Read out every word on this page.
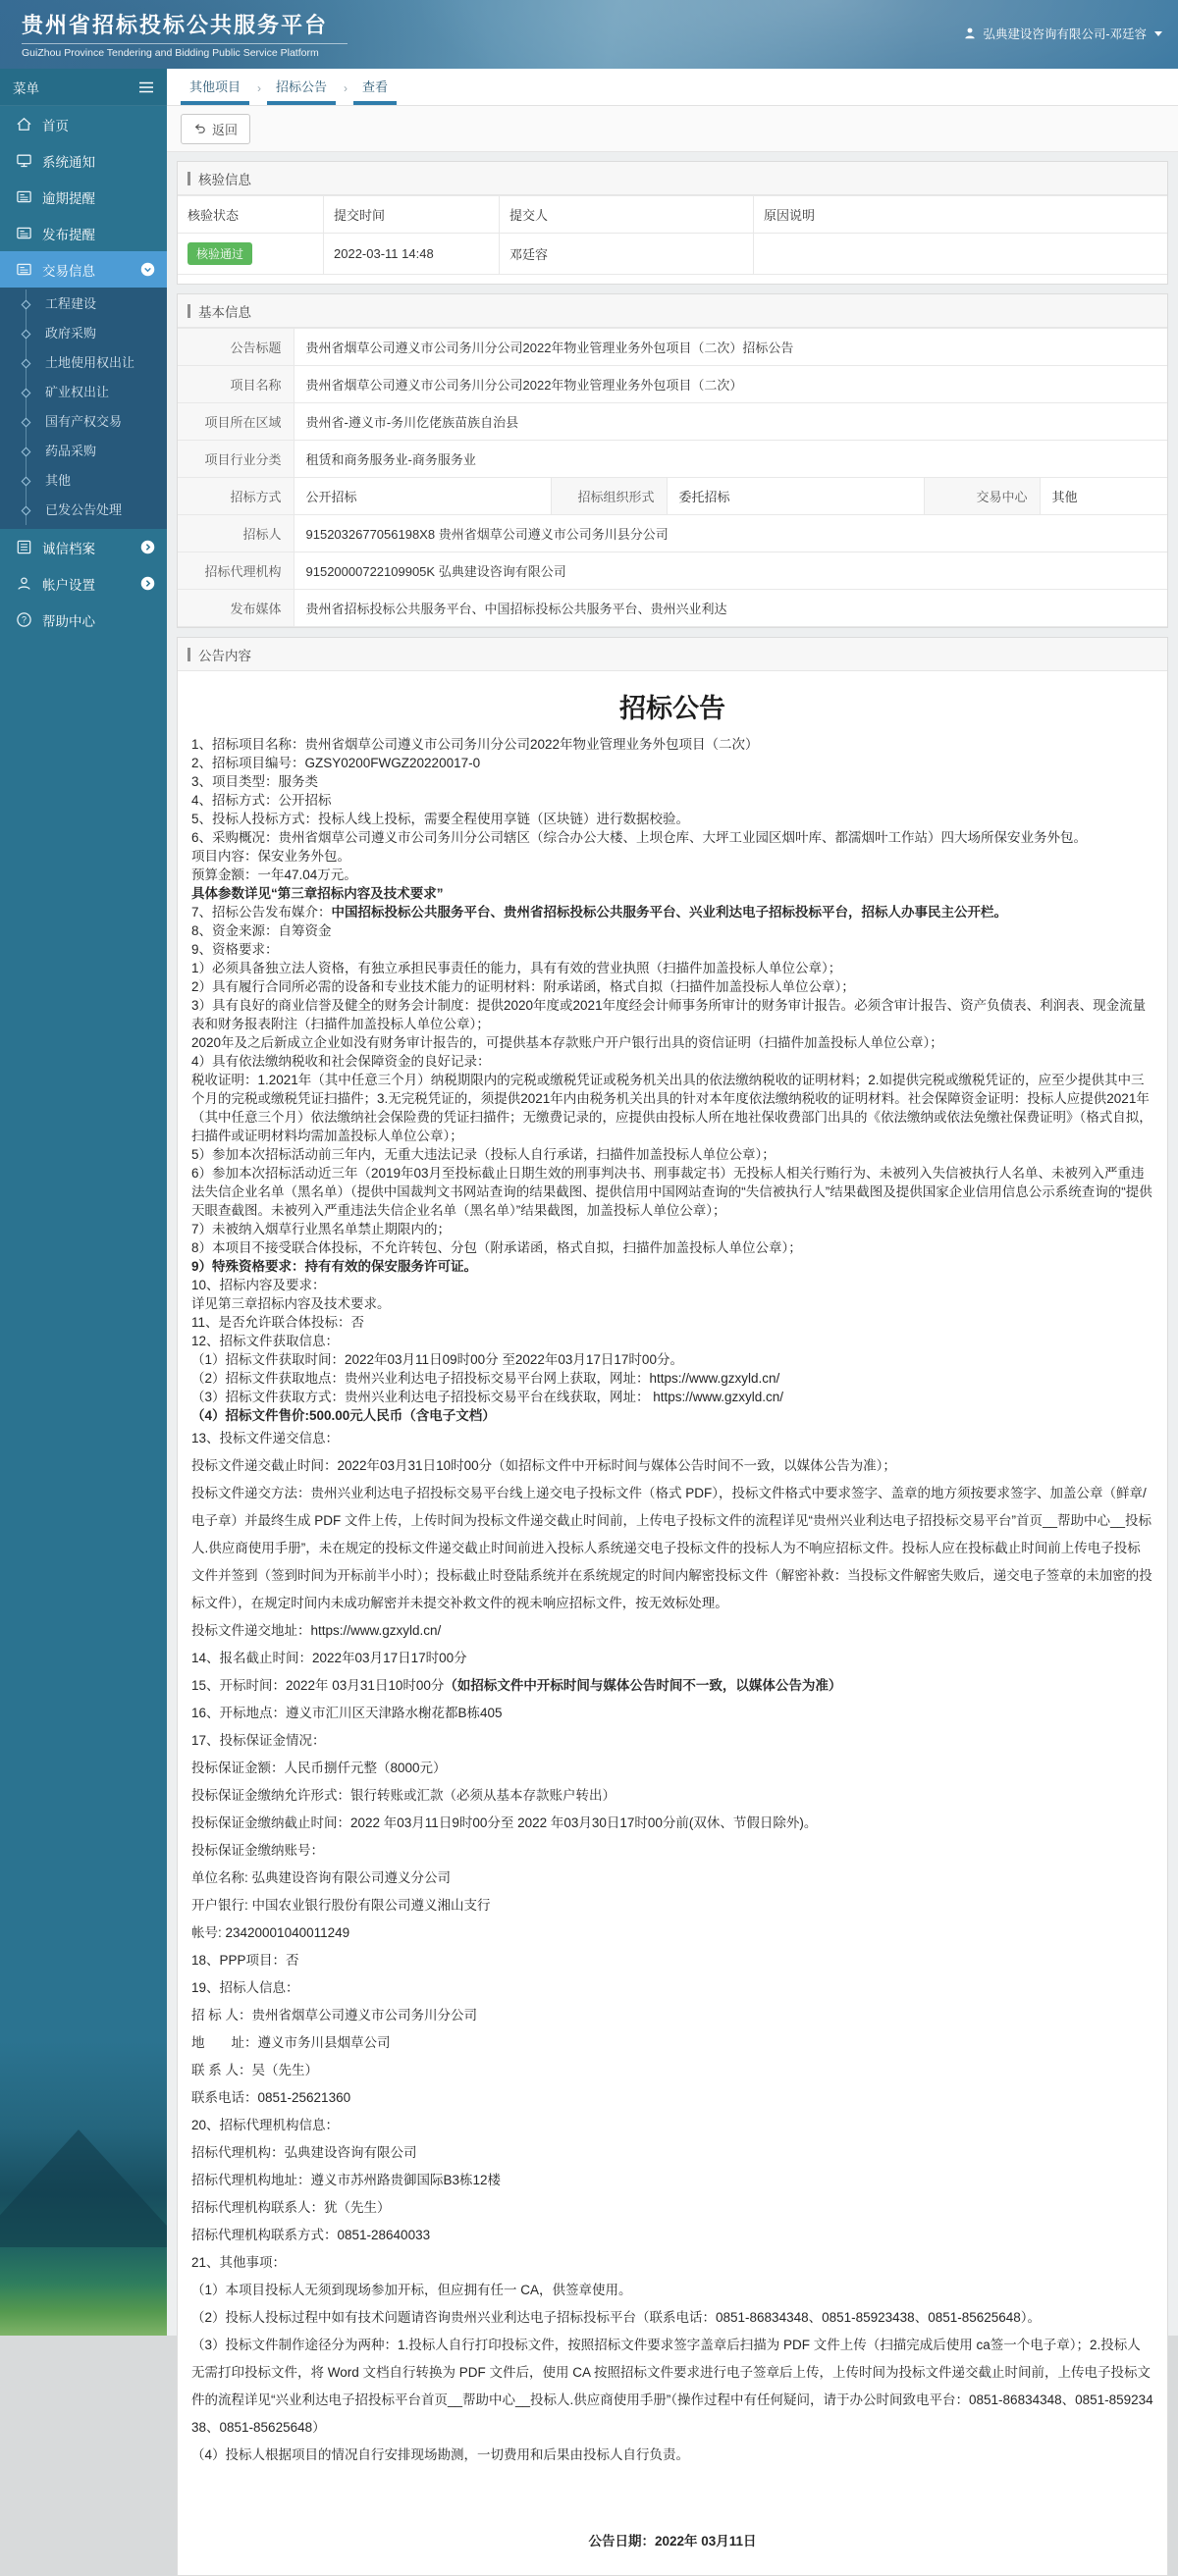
贵州省招标投标公共服务平台
GuiZhou Province Tendering and Bidding Public Service Platform
弘典建设咨询有限公司-邓廷容
菜单
首页
系统通知
逾期提醒
发布提醒
交易信息
工程建设
政府采购
土地使用权出让
矿业权出让
国有产权交易
药品采购
其他
已发公告处理
诚信档案
帐户设置
? 帮助中心
其他项目	›	招标公告	›	查看
返回
核验信息
核验状态	提交时间	提交人	原因说明
核验通过	2022-03-11 14:48	邓廷容	
基本信息
公告标题	贵州省烟草公司遵义市公司务川分公司2022年物业管理业务外包项目（二次）招标公告				
项目名称	贵州省烟草公司遵义市公司务川分公司2022年物业管理业务外包项目（二次）				
项目所在区域	贵州省-遵义市-务川仡佬族苗族自治县				
项目行业分类	租赁和商务服务业-商务服务业				
招标方式	公开招标	招标组织形式	委托招标	交易中心	其他
招标人	9152032677056198X8 贵州省烟草公司遵义市公司务川县分公司				
招标代理机构	91520000722109905K 弘典建设咨询有限公司				
发布媒体	贵州省招标投标公共服务平台、中国招标投标公共服务平台、贵州兴业利达				
公告内容
招标公告

1、招标项目名称：贵州省烟草公司遵义市公司务川分公司2022年物业管理业务外包项目（二次）

2、招标项目编号：GZSY0200FWGZ20220017-0

3、项目类型：服务类

4、招标方式：公开招标

5、投标人投标方式：投标人线上投标，需要全程使用享链（区块链）进行数据校验。

6、采购概况：贵州省烟草公司遵义市公司务川分公司辖区（综合办公大楼、上坝仓库、大坪工业园区烟叶库、都濡烟叶工作站）四大场所保安业务外包。

项目内容：保安业务外包。

预算金额：一年47.04万元。

具体参数详见“第三章招标内容及技术要求”

7、招标公告发布媒介：中国招标投标公共服务平台、贵州省招标投标公共服务平台、兴业利达电子招标投标平台，招标人办事民主公开栏。

8、资金来源：自筹资金

9、资格要求：

1）必须具备独立法人资格，有独立承担民事责任的能力，具有有效的营业执照（扫描件加盖投标人单位公章）；

2）具有履行合同所必需的设备和专业技术能力的证明材料：附承诺函，格式自拟（扫描件加盖投标人单位公章）；

3）具有良好的商业信誉及健全的财务会计制度：提供2020年度或2021年度经会计师事务所审计的财务审计报告。必须含审计报告、资产负债表、利润表、现金流量表和财务报表附注（扫描件加盖投标人单位公章）；

2020年及之后新成立企业如没有财务审计报告的，可提供基本存款账户开户银行出具的资信证明（扫描件加盖投标人单位公章）；

4）具有依法缴纳税收和社会保障资金的良好记录：

税收证明：1.2021年（其中任意三个月）纳税期限内的完税或缴税凭证或税务机关出具的依法缴纳税收的证明材料；2.如提供完税或缴税凭证的，应至少提供其中三个月的完税或缴税凭证扫描件；3.无完税凭证的，须提供2021年内由税务机关出具的针对本年度依法缴纳税收的证明材料。社会保障资金证明：投标人应提供2021年（其中任意三个月）依法缴纳社会保险费的凭证扫描件；无缴费记录的，应提供由投标人所在地社保收费部门出具的《依法缴纳或依法免缴社保费证明》（格式自拟，扫描件或证明材料均需加盖投标人单位公章）；

5）参加本次招标活动前三年内，无重大违法记录（投标人自行承诺，扫描件加盖投标人单位公章）；

6）参加本次招标活动近三年（2019年03月至投标截止日期生效的刑事判决书、刑事裁定书）无投标人相关行贿行为、未被列入失信被执行人名单、未被列入严重违法失信企业名单（黑名单）（提供中国裁判文书网站查询的结果截图、提供信用中国网站查询的“失信被执行人”结果截图及提供国家企业信用信息公示系统查询的“提供天眼查截图。未被列入严重违法失信企业名单（黑名单）”结果截图，加盖投标人单位公章）；

7）未被纳入烟草行业黑名单禁止期限内的；

8）本项目不接受联合体投标，不允许转包、分包（附承诺函，格式自拟，扫描件加盖投标人单位公章）；

9）特殊资格要求：持有有效的保安服务许可证。

10、招标内容及要求：

详见第三章招标内容及技术要求。

11、是否允许联合体投标：否

12、招标文件获取信息：

（1）招标文件获取时间：2022年03月11日09时00分 至2022年03月17日17时00分。

（2）招标文件获取地点：贵州兴业利达电子招投标交易平台网上获取，网址：https://www.gzxyld.cn/

（3）招标文件获取方式：贵州兴业利达电子招投标交易平台在线获取，网址： https://www.gzxyld.cn/

（4）招标文件售价:500.00元人民币（含电子文档）

13、投标文件递交信息：

投标文件递交截止时间：2022年03月31日10时00分（如招标文件中开标时间与媒体公告时间不一致，以媒体公告为准）；

投标文件递交方法：贵州兴业利达电子招投标交易平台线上递交电子投标文件（格式 PDF），投标文件格式中要求签字、盖章的地方须按要求签字、加盖公章（鲜章/电子章）并最终生成 PDF 文件上传，上传时间为投标文件递交截止时间前，上传电子投标文件的流程详见“贵州兴业利达电子招投标交易平台”首页__帮助中心__投标人.供应商使用手册”，未在规定的投标文件递交截止时间前进入投标人系统递交电子投标文件的投标人为不响应招标文件。投标人应在投标截止时间前上传电子投标文件并签到（签到时间为开标前半小时）；投标截止时登陆系统并在系统规定的时间内解密投标文件（解密补救：当投标文件解密失败后，递交电子签章的未加密的投标文件），在规定时间内未成功解密并未提交补救文件的视未响应招标文件，按无效标处理。

投标文件递交地址：https://www.gzxyld.cn/

14、报名截止时间：2022年03月17日17时00分

15、开标时间：2022年 03月31日10时00分（如招标文件中开标时间与媒体公告时间不一致，以媒体公告为准）

16、开标地点：遵义市汇川区天津路水榭花都B栋405

17、投标保证金情况：

投标保证金额：人民币捌仟元整（8000元）

投标保证金缴纳允许形式：银行转账或汇款（必须从基本存款账户转出）

投标保证金缴纳截止时间：2022 年03月11日9时00分至 2022 年03月30日17时00分前(双休、节假日除外)。

投标保证金缴纳账号：

单位名称: 弘典建设咨询有限公司遵义分公司

开户银行: 中国农业银行股份有限公司遵义湘山支行

帐号: 23420001040011249

18、PPP项目：否

19、招标人信息：

招 标 人：贵州省烟草公司遵义市公司务川分公司

地　　址：遵义市务川县烟草公司

联 系 人：吴（先生）

联系电话：0851-25621360

20、招标代理机构信息：

招标代理机构：弘典建设咨询有限公司

招标代理机构地址：遵义市苏州路贵御国际B3栋12楼

招标代理机构联系人：犹（先生）

招标代理机构联系方式：0851-28640033

21、其他事项：

（1）本项目投标人无须到现场参加开标，但应拥有任一 CA，供签章使用。

（2）投标人投标过程中如有技术问题请咨询贵州兴业利达电子招标投标平台（联系电话：0851-86834348、0851-85923438、0851-85625648）。

（3）投标文件制作途径分为两种：1.投标人自行打印投标文件，按照招标文件要求签字盖章后扫描为 PDF 文件上传（扫描完成后使用 ca签一个电子章）；2.投标人无需打印投标文件，将 Word 文档自行转换为 PDF 文件后，使用 CA 按照招标文件要求进行电子签章后上传，上传时间为投标文件递交截止时间前，上传电子投标文件的流程详见“兴业利达电子招投标平台首页__帮助中心__投标人.供应商使用手册”（操作过程中有任何疑问，请于办公时间致电平台：0851-86834348、0851-85923438、0851-85625648）

（4）投标人根据项目的情况自行安排现场勘测，一切费用和后果由投标人自行负责。

公告日期：2022年 03月11日
